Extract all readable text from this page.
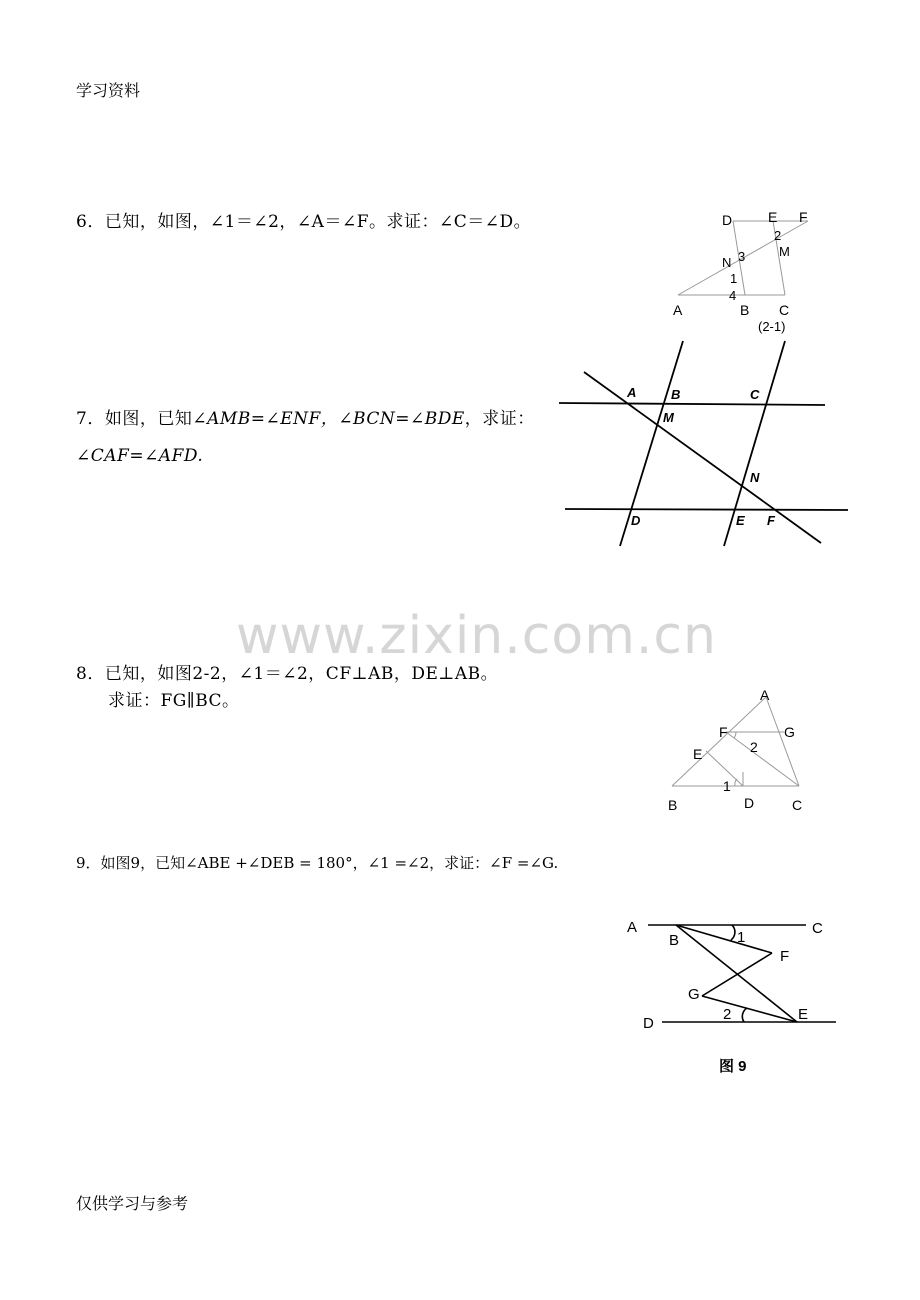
学习资料
6．已知，如图，∠1＝∠2，∠A＝∠F。求证：∠C＝∠D。	D	E F
2
M
3
N
1
4
A	B C
(2-1)
7．如图，已知∠AMB=∠ENF，∠BCN=∠BDE，求证：
∠CAF=∠AFD.
A	B	C
M
N
D	E F
www.zixin.com.cn
8．已知，如图2-2，∠1＝∠2，CF⊥AB，DE⊥AB。
求证：FG∥BC。	A
F	G
2
E
1
B	D	C
9．如图9，已知∠ABE +∠DEB = 180°，∠1 =∠2，求证：∠F =∠G.
A	C
B	1
F
G
2
D
E
图 9
仅供学习与参考
